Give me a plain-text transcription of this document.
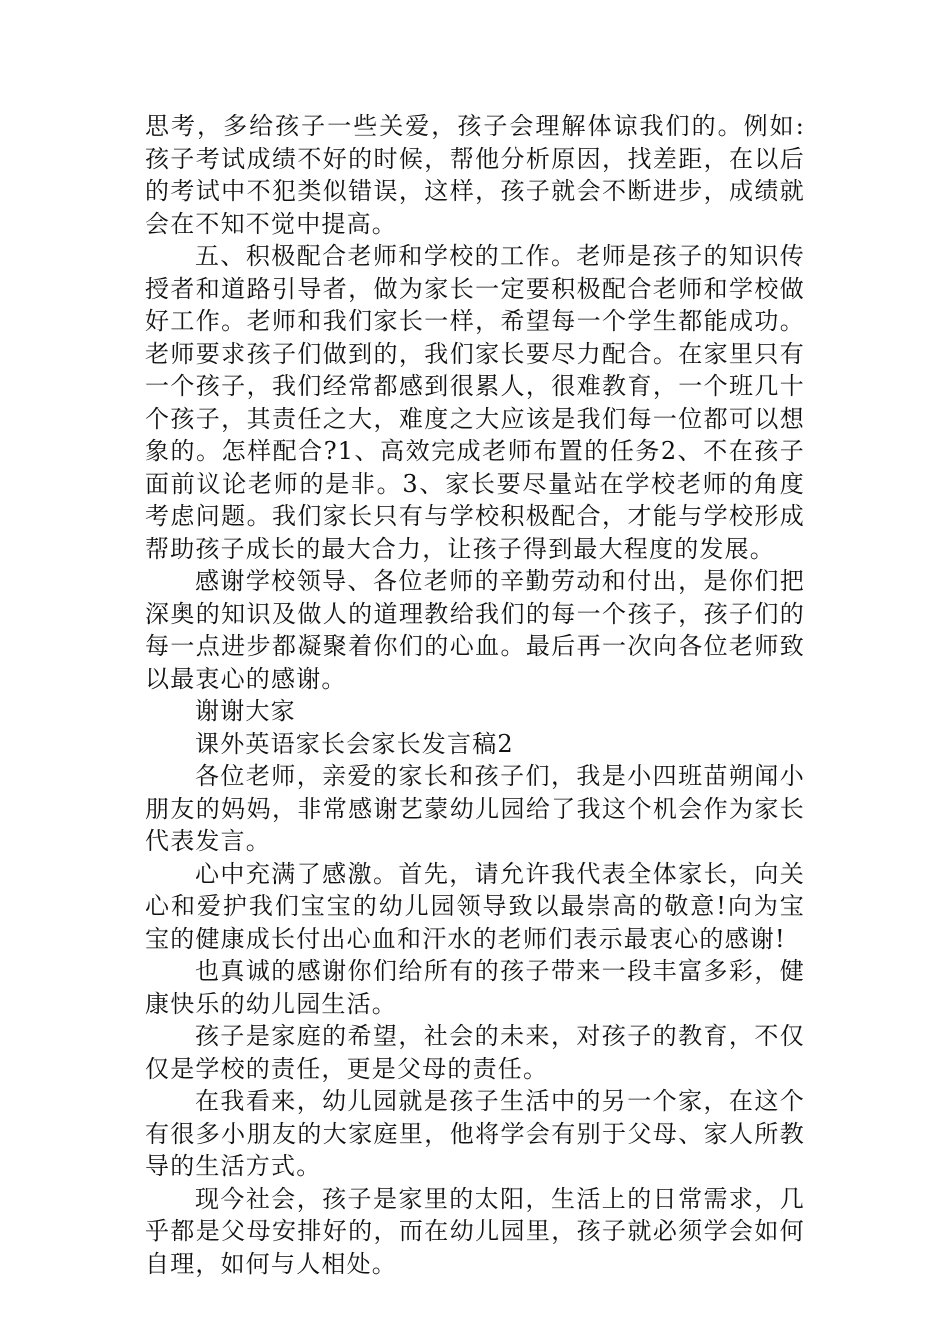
思考，多给孩子一些关爱，孩子会理解体谅我们的。例如:孩子考试成绩不好的时候，帮他分析原因，找差距，在以后的考试中不犯类似错误，这样，孩子就会不断进步，成绩就会在不知不觉中提高。

五、积极配合老师和学校的工作。老师是孩子的知识传授者和道路引导者，做为家长一定要积极配合老师和学校做好工作。老师和我们家长一样，希望每一个学生都能成功。老师要求孩子们做到的，我们家长要尽力配合。在家里只有一个孩子，我们经常都感到很累人，很难教育，一个班几十个孩子，其责任之大，难度之大应该是我们每一位都可以想象的。怎样配合?1、高效完成老师布置的任务2、不在孩子面前议论老师的是非。3、家长要尽量站在学校老师的角度考虑问题。我们家长只有与学校积极配合，才能与学校形成帮助孩子成长的最大合力，让孩子得到最大程度的发展。

感谢学校领导、各位老师的辛勤劳动和付出，是你们把深奥的知识及做人的道理教给我们的每一个孩子，孩子们的每一点进步都凝聚着你们的心血。最后再一次向各位老师致以最衷心的感谢。

谢谢大家

课外英语家长会家长发言稿2

各位老师，亲爱的家长和孩子们，我是小四班苗朔闻小朋友的妈妈，非常感谢艺蒙幼儿园给了我这个机会作为家长代表发言。

心中充满了感激。首先，请允许我代表全体家长，向关心和爱护我们宝宝的幼儿园领导致以最崇高的敬意!向为宝宝的健康成长付出心血和汗水的老师们表示最衷心的感谢!

也真诚的感谢你们给所有的孩子带来一段丰富多彩，健康快乐的幼儿园生活。

孩子是家庭的希望，社会的未来，对孩子的教育，不仅仅是学校的责任，更是父母的责任。

在我看来，幼儿园就是孩子生活中的另一个家，在这个有很多小朋友的大家庭里，他将学会有别于父母、家人所教导的生活方式。

现今社会，孩子是家里的太阳，生活上的日常需求，几乎都是父母安排好的，而在幼儿园里，孩子就必须学会如何自理，如何与人相处。
